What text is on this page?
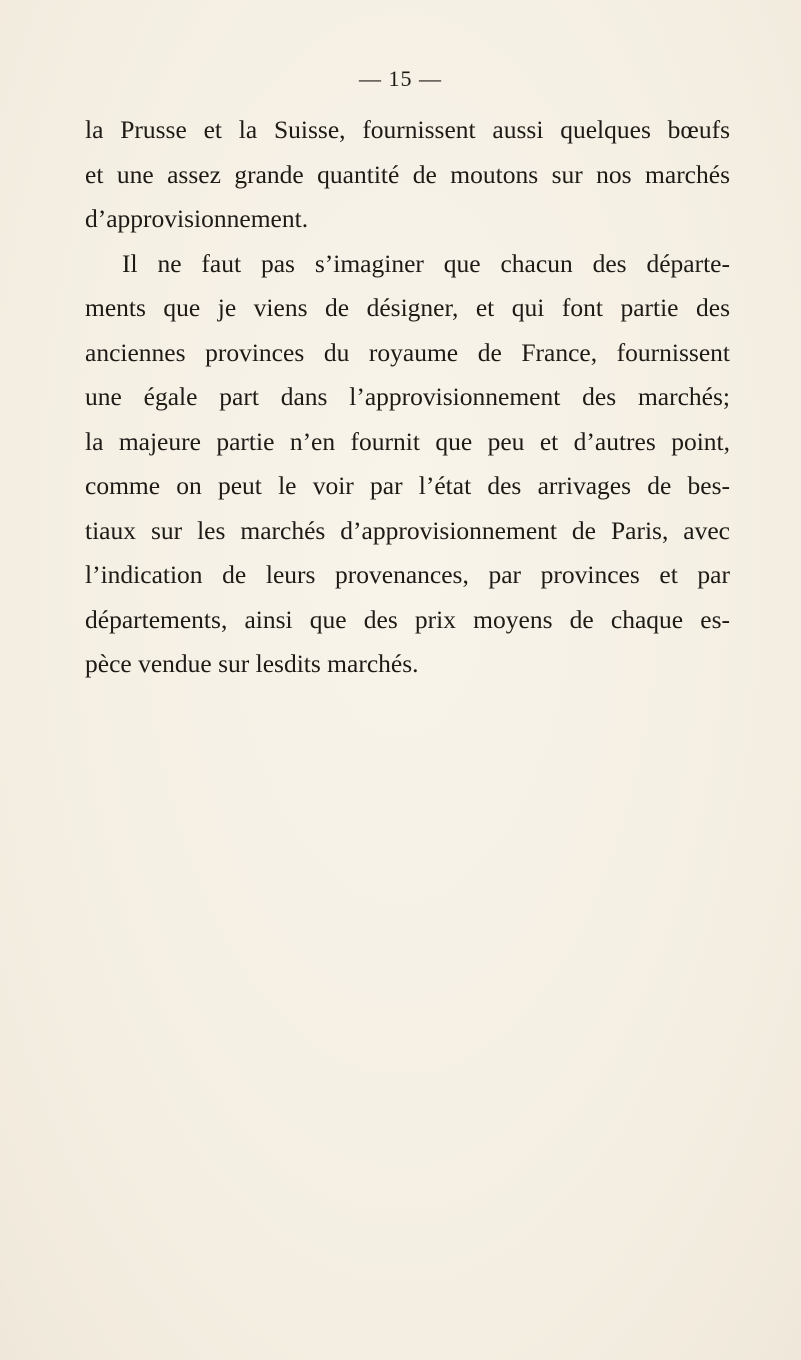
— 15 —
la Prusse et la Suisse, fournissent aussi quelques bœufs
et une assez grande quantité de moutons sur nos marchés
d’approvisionnement.
Il ne faut pas s’imaginer que chacun des départe-
ments que je viens de désigner, et qui font partie des
anciennes provinces du royaume de France, fournissent
une égale part dans l’approvisionnement des marchés;
la majeure partie n’en fournit que peu et d’autres point,
comme on peut le voir par l’état des arrivages de bes-
tiaux sur les marchés d’approvisionnement de Paris, avec
l’indication de leurs provenances, par provinces et par
départements, ainsi que des prix moyens de chaque es-
pèce vendue sur lesdits marchés.
